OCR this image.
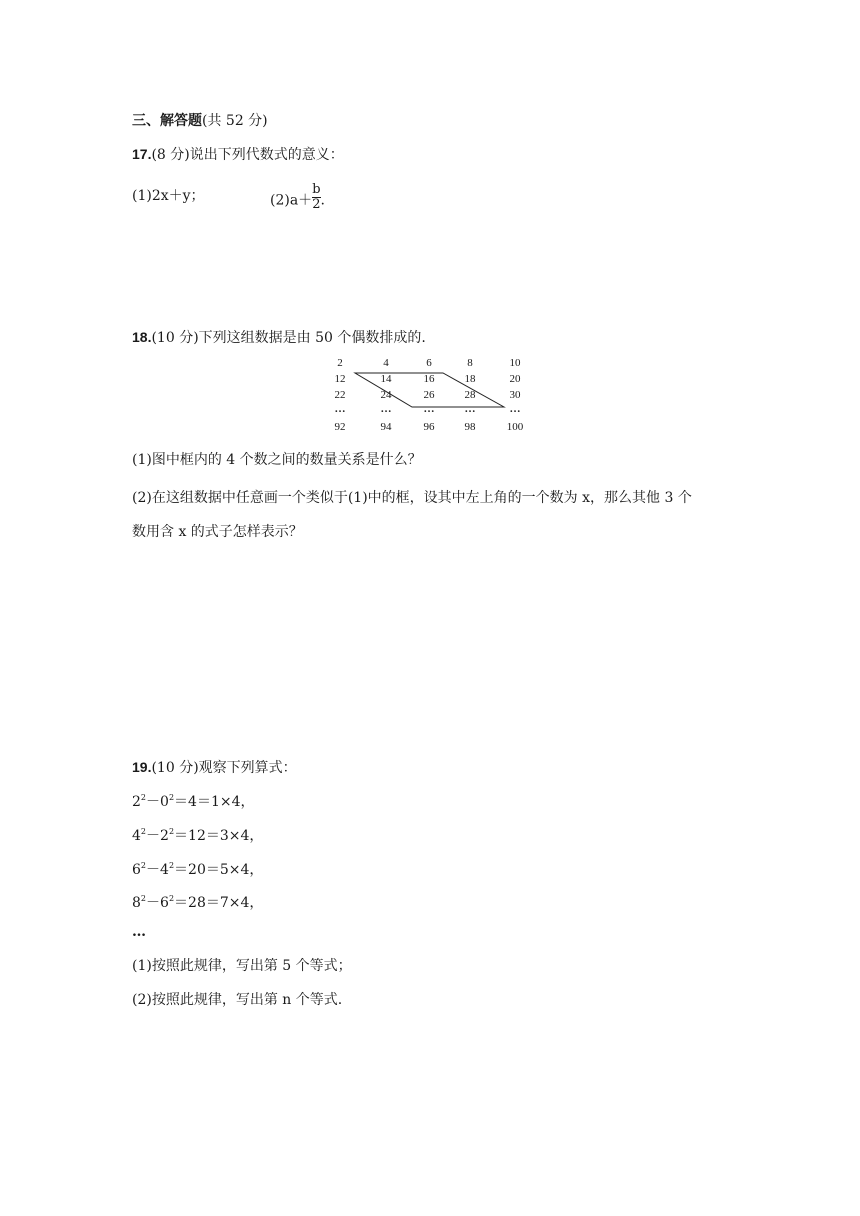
三、解答题(共 52 分)
17.(8 分)说出下列代数式的意义：
(1)2x＋y；	$(2)a+ \frac{b}{2}$ .
18.(10 分)下列这组数据是由 50 个偶数排成的.
2	4	6	8	10
12	14	16	18	20
22	24	26	28	30
…	…	…	…	…
92	94	96	98	100
(1)图中框内的 4 个数之间的数量关系是什么？
(2)在这组数据中任意画一个类似于(1)中的框，设其中左上角的一个数为 x，那么其他 3 个
数用含 x 的式子怎样表示？
19.(10 分)观察下列算式：
$2^2-0^2=4=1\times 4$，
$4^2-2^2=12=3\times 4$，
$6^2-4^2=20=5\times 4$，
$8^2-6^2=28=7\times 4$，
…
(1)按照此规律，写出第 5 个等式；
(2)按照此规律，写出第 n 个等式.
